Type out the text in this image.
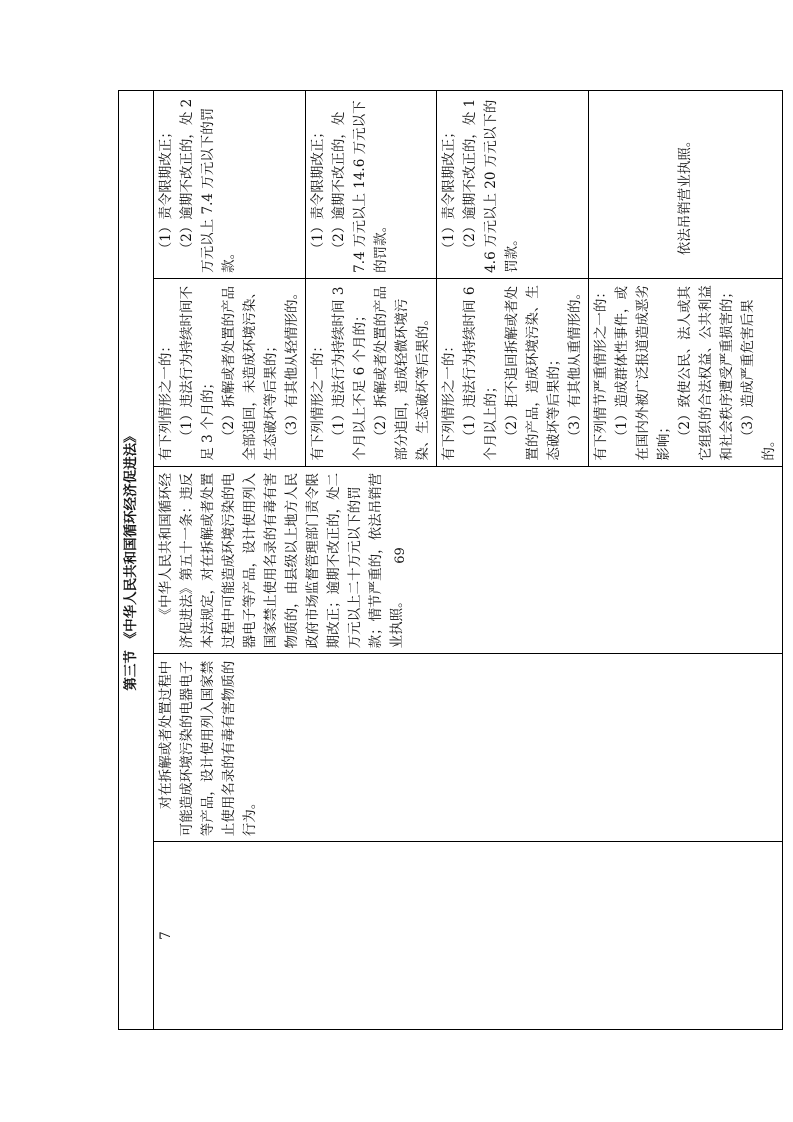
第三节 《中华人民共和国循环经济促进法》				
7	对在拆解或者处置过程中可能造成环境污染的电器电子等产品，设计使用列入国家禁止使用名录的有毒有害物质的行为。	《中华人民共和国循环经济促进法》第五十一条：违反本法规定，对在拆解或者处置过程中可能造成环境污染的电器电子等产品，设计使用列入国家禁止使用名录的有毒有害物质的，由县级以上地方人民政府市场监督管理部门责令限期改正；逾期不改正的，处二万元以上二十万元以下的罚款；情节严重的，依法吊销营业执照。	有下列情形之一的： （1）违法行为持续时间不足 3 个月的； （2）拆解或者处置的产品全部追回，未造成环境污染、生态破坏等后果的； （3）有其他从轻情形的。	（1）责令限期改正； （2）逾期不改正的，处 2 万元以上 7.4 万元以下的罚款。

			有下列情形之一的： （1）违法行为持续时间 3 个月以上不足 6 个月的； （2）拆解或者处置的产品部分追回，造成轻微环境污染、生态破坏等后果的。	（1）责令限期改正； （2）逾期不改正的，处 7.4 万元以上 14.6 万元以下的罚款。

			有下列情形之一的： （1）违法行为持续时间 6 个月以上的； （2）拒不追回拆解或者处置的产品，造成环境污染、生态破坏等后果的； （3）有其他从重情形的。	（1）责令限期改正； （2）逾期不改正的，处 14.6 万元以上 20 万元以下的罚款。

			有下列情节严重情形之一的： （1）造成群体性事件，或在国内外被广泛报道造成恶劣影响； （2）致使公民、法人或其它组织的合法权益、公共利益和社会秩序遭受严重损害的； （3）造成严重危害后果的。	依法吊销营业执照。
69
